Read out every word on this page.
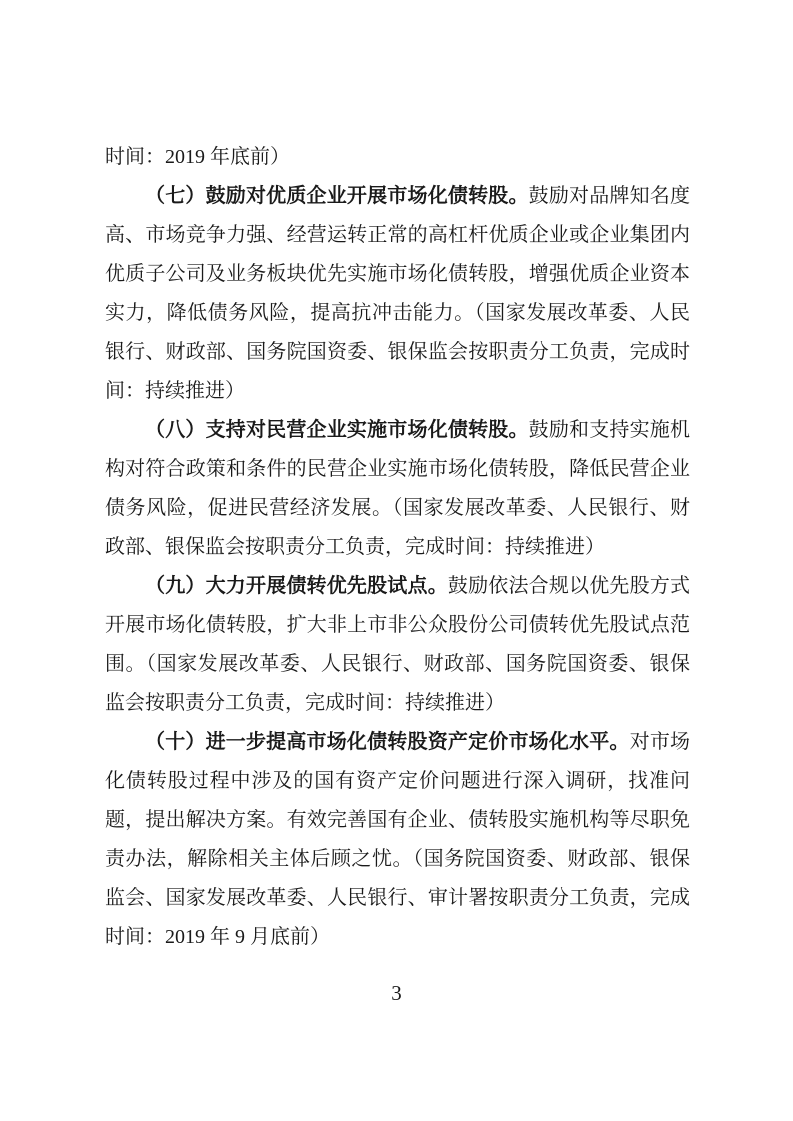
时间：2019 年底前）

（七）鼓励对优质企业开展市场化债转股。鼓励对品牌知名度高、市场竞争力强、经营运转正常的高杠杆优质企业或企业集团内优质子公司及业务板块优先实施市场化债转股，增强优质企业资本实力，降低债务风险，提高抗冲击能力。（国家发展改革委、人民银行、财政部、国务院国资委、银保监会按职责分工负责，完成时间：持续推进）

（八）支持对民营企业实施市场化债转股。鼓励和支持实施机构对符合政策和条件的民营企业实施市场化债转股，降低民营企业债务风险，促进民营经济发展。（国家发展改革委、人民银行、财政部、银保监会按职责分工负责，完成时间：持续推进）

（九）大力开展债转优先股试点。鼓励依法合规以优先股方式开展市场化债转股，扩大非上市非公众股份公司债转优先股试点范围。（国家发展改革委、人民银行、财政部、国务院国资委、银保监会按职责分工负责，完成时间：持续推进）

（十）进一步提高市场化债转股资产定价市场化水平。对市场化债转股过程中涉及的国有资产定价问题进行深入调研，找准问题，提出解决方案。有效完善国有企业、债转股实施机构等尽职免责办法，解除相关主体后顾之忧。（国务院国资委、财政部、银保监会、国家发展改革委、人民银行、审计署按职责分工负责，完成时间：2019 年 9 月底前）

3
